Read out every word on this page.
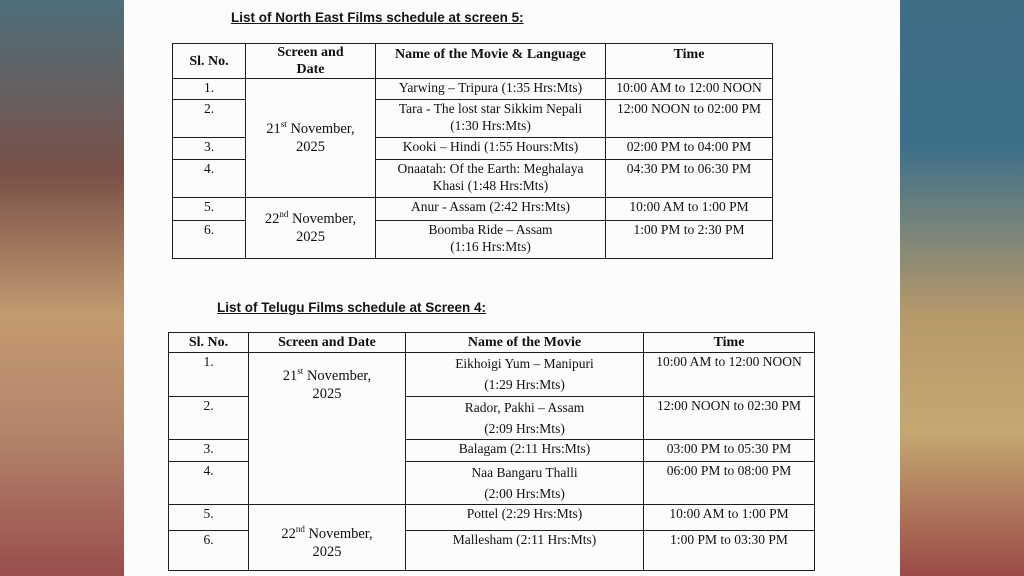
List of North East Films schedule at screen 5:
Sl. No.	Screen and
Date	Name of the Movie & Language	Time
1.	21st November,
2025	Yarwing – Tripura (1:35 Hrs:Mts)	10:00 AM to 12:00 NOON
2.		Tara - The lost star Sikkim Nepali
(1:30 Hrs:Mts)	12:00 NOON to 02:00 PM
3.		Kooki – Hindi (1:55 Hours:Mts)	02:00 PM to 04:00 PM
4.		Onaatah: Of the Earth: Meghalaya
Khasi (1:48 Hrs:Mts)	04:30 PM to 06:30 PM
5.	22nd November,
2025	Anur - Assam (2:42 Hrs:Mts)	10:00 AM to 1:00 PM
6.		Boomba Ride – Assam
(1:16 Hrs:Mts)	1:00 PM to 2:30 PM
List of Telugu Films schedule at Screen 4:
Sl. No.	Screen and Date	Name of the Movie	Time
1.	21st November,
2025	Eikhoigi Yum – Manipuri
(1:29 Hrs:Mts)	10:00 AM to 12:00 NOON
2.		Rador, Pakhi – Assam
(2:09 Hrs:Mts)	12:00 NOON to 02:30 PM
3.		Balagam (2:11 Hrs:Mts)	03:00 PM to 05:30 PM
4.		Naa Bangaru Thalli
(2:00 Hrs:Mts)	06:00 PM to 08:00 PM
5.	22nd November,
2025	Pottel (2:29 Hrs:Mts)	10:00 AM to 1:00 PM
6.		Mallesham (2:11 Hrs:Mts)	1:00 PM to 03:30 PM
